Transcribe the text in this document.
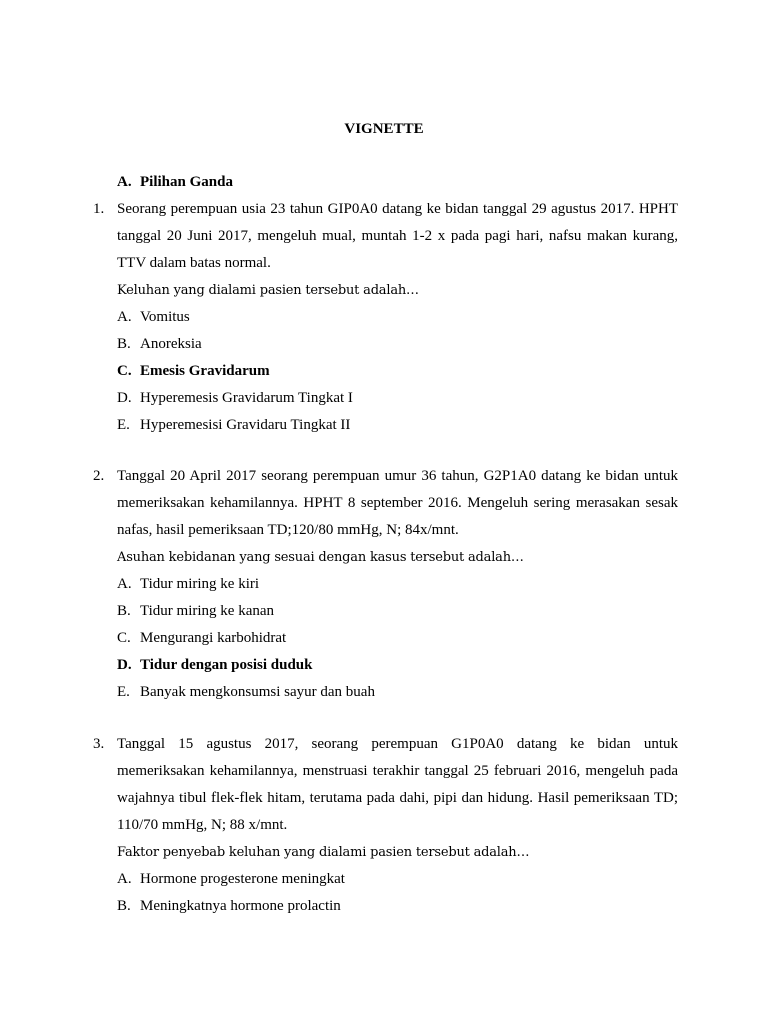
VIGNETTE
A. Pilihan Ganda
1. Seorang perempuan usia 23 tahun GIP0A0 datang ke bidan tanggal 29 agustus 2017. HPHT

tanggal 20 Juni 2017, mengeluh mual, muntah 1-2 x pada pagi hari, nafsu makan kurang,

TTV dalam batas normal.

Keluhan yang dialami pasien tersebut adalah…

A. Vomitus
B. Anoreksia
C. Emesis Gravidarum
D. Hyperemesis Gravidarum Tingkat I
E. Hyperemesisi Gravidaru Tingkat II
2. Tanggal 20 April 2017 seorang perempuan umur 36 tahun, G2P1A0 datang ke bidan untuk

memeriksakan kehamilannya. HPHT 8 september 2016. Mengeluh sering merasakan sesak

nafas, hasil pemeriksaan TD;120/80 mmHg, N; 84x/mnt.

Asuhan kebidanan yang sesuai dengan kasus tersebut adalah…

A. Tidur miring ke kiri
B. Tidur miring ke kanan
C. Mengurangi karbohidrat
D. Tidur dengan posisi duduk
E. Banyak mengkonsumsi sayur dan buah
3. Tanggal 15 agustus 2017, seorang perempuan G1P0A0 datang ke bidan untuk

memeriksakan kehamilannya, menstruasi terakhir tanggal 25 februari 2016, mengeluh pada

wajahnya tibul flek-flek hitam, terutama pada dahi, pipi dan hidung. Hasil pemeriksaan TD;

110/70 mmHg, N; 88 x/mnt.

Faktor penyebab keluhan yang dialami pasien tersebut adalah…

A. Hormone progesterone meningkat
B. Meningkatnya hormone prolactin
